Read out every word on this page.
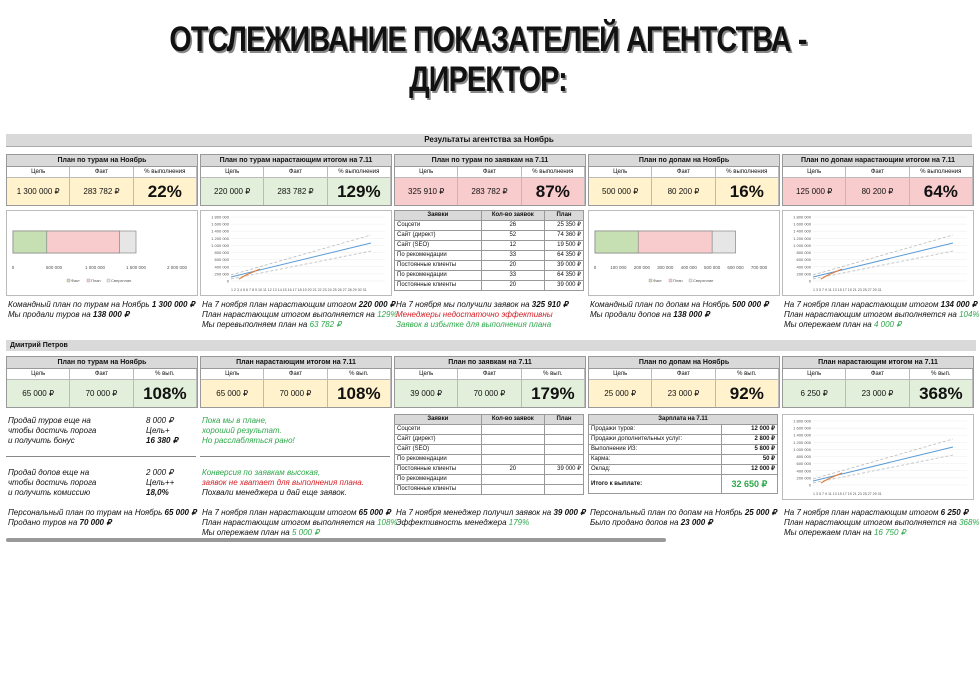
ОТСЛЕЖИВАНИЕ ПОКАЗАТЕЛЕЙ АГЕНТСТВА - ДИРЕКТОР:
Результаты агентства за Ноябрь
План по турам на Ноябрь
Цель	Факт	% выполнения
1 300 000 ₽	283 782 ₽	22%
План по турам нарастающим итогом на 7.11
Цель	Факт	% выполнения
220 000 ₽	283 782 ₽	129%
План по турам по заявкам на 7.11
Цель	Факт	% выполнения
325 910 ₽	283 782 ₽	87%
План по допам на Ноябрь
Цель	Факт	% выполнения
500 000 ₽	80 200 ₽	16%
План по допам нарастающим итогом на 7.11
Цель	Факт	% выполнения
125 000 ₽	80 200 ₽	64%
0	500 000	1 000 000	1 500 000	2 000 000
Факт	План	Сверхплан
1 800 000
1 600 000
1 400 000
1 200 000
1 000 000
800 000
600 000
400 000
200 000
0
1 2 3 4 5 6 7 8 9 10 11 12 13 14 15 16 17 18 19 20 21 22 23 24 25 26 27 28 29 30 31
Заявки	Кол-во заявок	План
Соцсети	26	25 350 ₽
Сайт (директ)	52	74 360 ₽
Сайт (SEO)	12	19 500 ₽
По рекомендации	33	64 350 ₽
Постоянные клиенты	20	39 000 ₽
По рекомендации	33	64 350 ₽
Постоянные клиенты	20	39 000 ₽
0	100 000 200 000 300 000 400 000 500 000 600 000 700 000
Факт	План	Сверхплан
1 800 000
1 600 000
1 400 000
1 200 000
1 000 000
800 000
600 000
400 000
200 000
0
1 3 5 7 9 11 13 15 17 19 21 23 25 27 29 31
Командный план по турам на Ноябрь 1 300 000 ₽
Мы продали туров на 138 000 ₽
На 7 ноября план нарастающим итогом 220 000 ₽
План нарастающим итогом выполняется на 129%
Мы перевыполняем план на 63 782 ₽
На 7 ноября мы получили заявок на 325 910 ₽
Менеджеры недостаточно эффективны
Заявок в избытке для выполнения плана
Командный план по допам на Ноябрь 500 000 ₽
Мы продали допов на 138 000 ₽
На 7 ноября план нарастающим итогом 134 000 ₽
План нарастающим итогом выполняется на 104%
Мы опережаем план на 4 000 ₽
Дмитрий Петров
План по турам на Ноябрь
Цель	Факт	% вып.
65 000 ₽	70 000 ₽	108%
План нарастающим итогом на 7.11
Цель	Факт	% вып.
65 000 ₽	70 000 ₽	108%
План по заявкам на 7.11
Цель	Факт	% вып.
39 000 ₽	70 000 ₽	179%
План по допам на Ноябрь
Цель	Факт	% вып.
25 000 ₽	23 000 ₽	92%
План нарастающим итогом на 7.11
Цель	Факт	% вып.
6 250 ₽	23 000 ₽	368%
Продай туров еще на	8 000 ₽
чтобы достичь порога	Цель+
и получить бонус	16 380 ₽
Продай допов еще на	2 000 ₽
чтобы достичь порога	Цель++
и получить комиссию	18,0%
Пока мы в плане,
хороший результат.
Но расслабляться рано!
Конверсия по заявкам высокая,
заявок не хватает для выполнения плана.
Похвали менеджера и дай еще заявок.
Заявки	Кол-во заявок	План
Соцсети		
Сайт (директ)		
Сайт (SEO)		
По рекомендации		
Постоянные клиенты	20	39 000 ₽
По рекомендации		
Постоянные клиенты		
Зарплата на 7.11	
Продажи туров:	12 000 ₽
Продажи дополнительных услуг:	2 800 ₽
Выполнение ИЗ:	5 800 ₽
Карма:	50 ₽
Оклад:	12 000 ₽
Итого к выплате:	32 650 ₽
1 800 000
1 600 000
1 400 000
1 200 000
1 000 000
800 000
600 000
400 000
200 000
0
1 3 5 7 9 11 13 15 17 19 21 23 25 27 29 31
Персональный план по турам на Ноябрь 65 000 ₽
Продано туров на 70 000 ₽
На 7 ноября план нарастающим итогом 65 000 ₽
План нарастающим итогом выполняется на 108%
Мы опережаем план на 5 000 ₽
На 7 ноября менеджер получил заявок на 39 000 ₽
Эффективность менеджера 179%
Персональный план по допам на Ноябрь 25 000 ₽
Было продано допов на 23 000 ₽
На 7 ноября план нарастающим итогом 6 250 ₽
План нарастающим итогом выполняется на 368%
Мы опережаем план на 16 750 ₽
